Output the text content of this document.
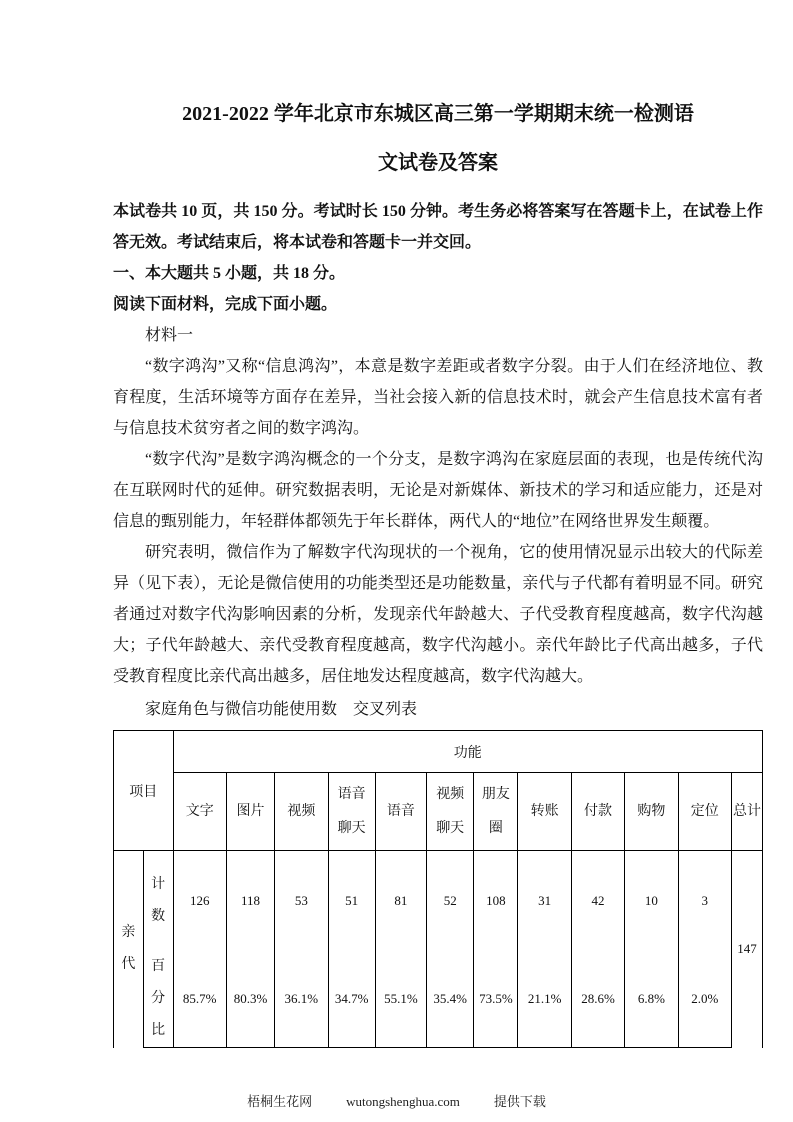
2021-2022 学年北京市东城区高三第一学期期末统一检测语
文试卷及答案

本试卷共 10 页，共 150 分。考试时长 150 分钟。考生务必将答案写在答题卡上，在试卷上作答无效。考试结束后，将本试卷和答题卡一并交回。

一、本大题共 5 小题，共 18 分。

阅读下面材料，完成下面小题。

材料一

“数字鸿沟”又称“信息鸿沟”，本意是数字差距或者数字分裂。由于人们在经济地位、教育程度，生活环境等方面存在差异，当社会接入新的信息技术时，就会产生信息技术富有者与信息技术贫穷者之间的数字鸿沟。

“数字代沟”是数字鸿沟概念的一个分支，是数字鸿沟在家庭层面的表现，也是传统代沟在互联网时代的延伸。研究数据表明，无论是对新媒体、新技术的学习和适应能力，还是对信息的甄别能力，年轻群体都领先于年长群体，两代人的“地位”在网络世界发生颠覆。

研究表明，微信作为了解数字代沟现状的一个视角，它的使用情况显示出较大的代际差异（见下表），无论是微信使用的功能类型还是功能数量，亲代与子代都有着明显不同。研究者通过对数字代沟影响因素的分析，发现亲代年龄越大、子代受教育程度越高，数字代沟越大；子代年龄越大、亲代受教育程度越高，数字代沟越小。亲代年龄比子代高出越多，子代受教育程度比亲代高出越多，居住地发达程度越高，数字代沟越大。

家庭角色与微信功能使用数　交叉列表

项目		功能											
		文字	图片	视频	语音聊天	语音	视频聊天	朋友圈	转账	付款	购物	定位	总计
亲代	计数	126	118	53	51	81	52	108	31	42	10	3	147
	百分比	85.7%	80.3%	36.1%	34.7%	55.1%	35.4%	73.5%	21.1%	28.6%	6.8%	2.0%	
梧桐生花网	wutongshenghua.com	提供下载
